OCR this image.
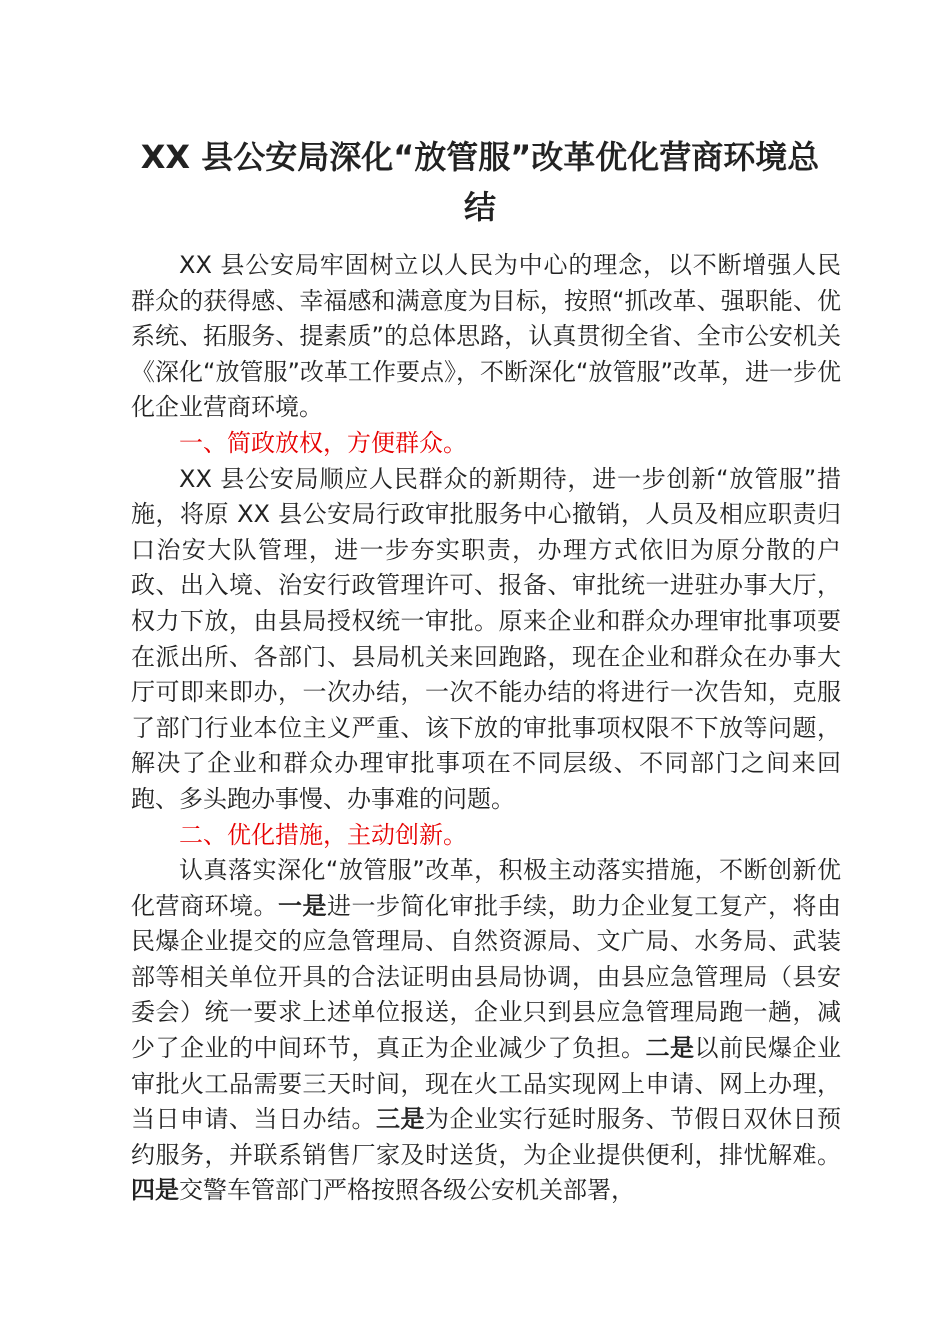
XX 县公安局深化“放管服”改革优化营商环境总结

XX 县公安局牢固树立以人民为中心的理念，以不断增强人民群众的获得感、幸福感和满意度为目标，按照“抓改革、强职能、优系统、拓服务、提素质”的总体思路，认真贯彻全省、全市公安机关《深化“放管服”改革工作要点》，不断深化“放管服”改革，进一步优化企业营商环境。

一、简政放权，方便群众。

XX 县公安局顺应人民群众的新期待，进一步创新“放管服”措施，将原 XX 县公安局行政审批服务中心撤销，人员及相应职责归口治安大队管理，进一步夯实职责，办理方式依旧为原分散的户政、出入境、治安行政管理许可、报备、审批统一进驻办事大厅，权力下放，由县局授权统一审批。原来企业和群众办理审批事项要在派出所、各部门、县局机关来回跑路，现在企业和群众在办事大厅可即来即办，一次办结，一次不能办结的将进行一次告知，克服了部门行业本位主义严重、该下放的审批事项权限不下放等问题，解决了企业和群众办理审批事项在不同层级、不同部门之间来回跑、多头跑办事慢、办事难的问题。

二、优化措施，主动创新。

认真落实深化“放管服”改革，积极主动落实措施，不断创新优化营商环境。一是进一步简化审批手续，助力企业复工复产，将由民爆企业提交的应急管理局、自然资源局、文广局、水务局、武装部等相关单位开具的合法证明由县局协调，由县应急管理局（县安委会）统一要求上述单位报送，企业只到县应急管理局跑一趟，减少了企业的中间环节，真正为企业减少了负担。二是以前民爆企业审批火工品需要三天时间，现在火工品实现网上申请、网上办理，当日申请、当日办结。三是为企业实行延时服务、节假日双休日预约服务，并联系销售厂家及时送货，为企业提供便利，排忧解难。四是交警车管部门严格按照各级公安机关部署，
